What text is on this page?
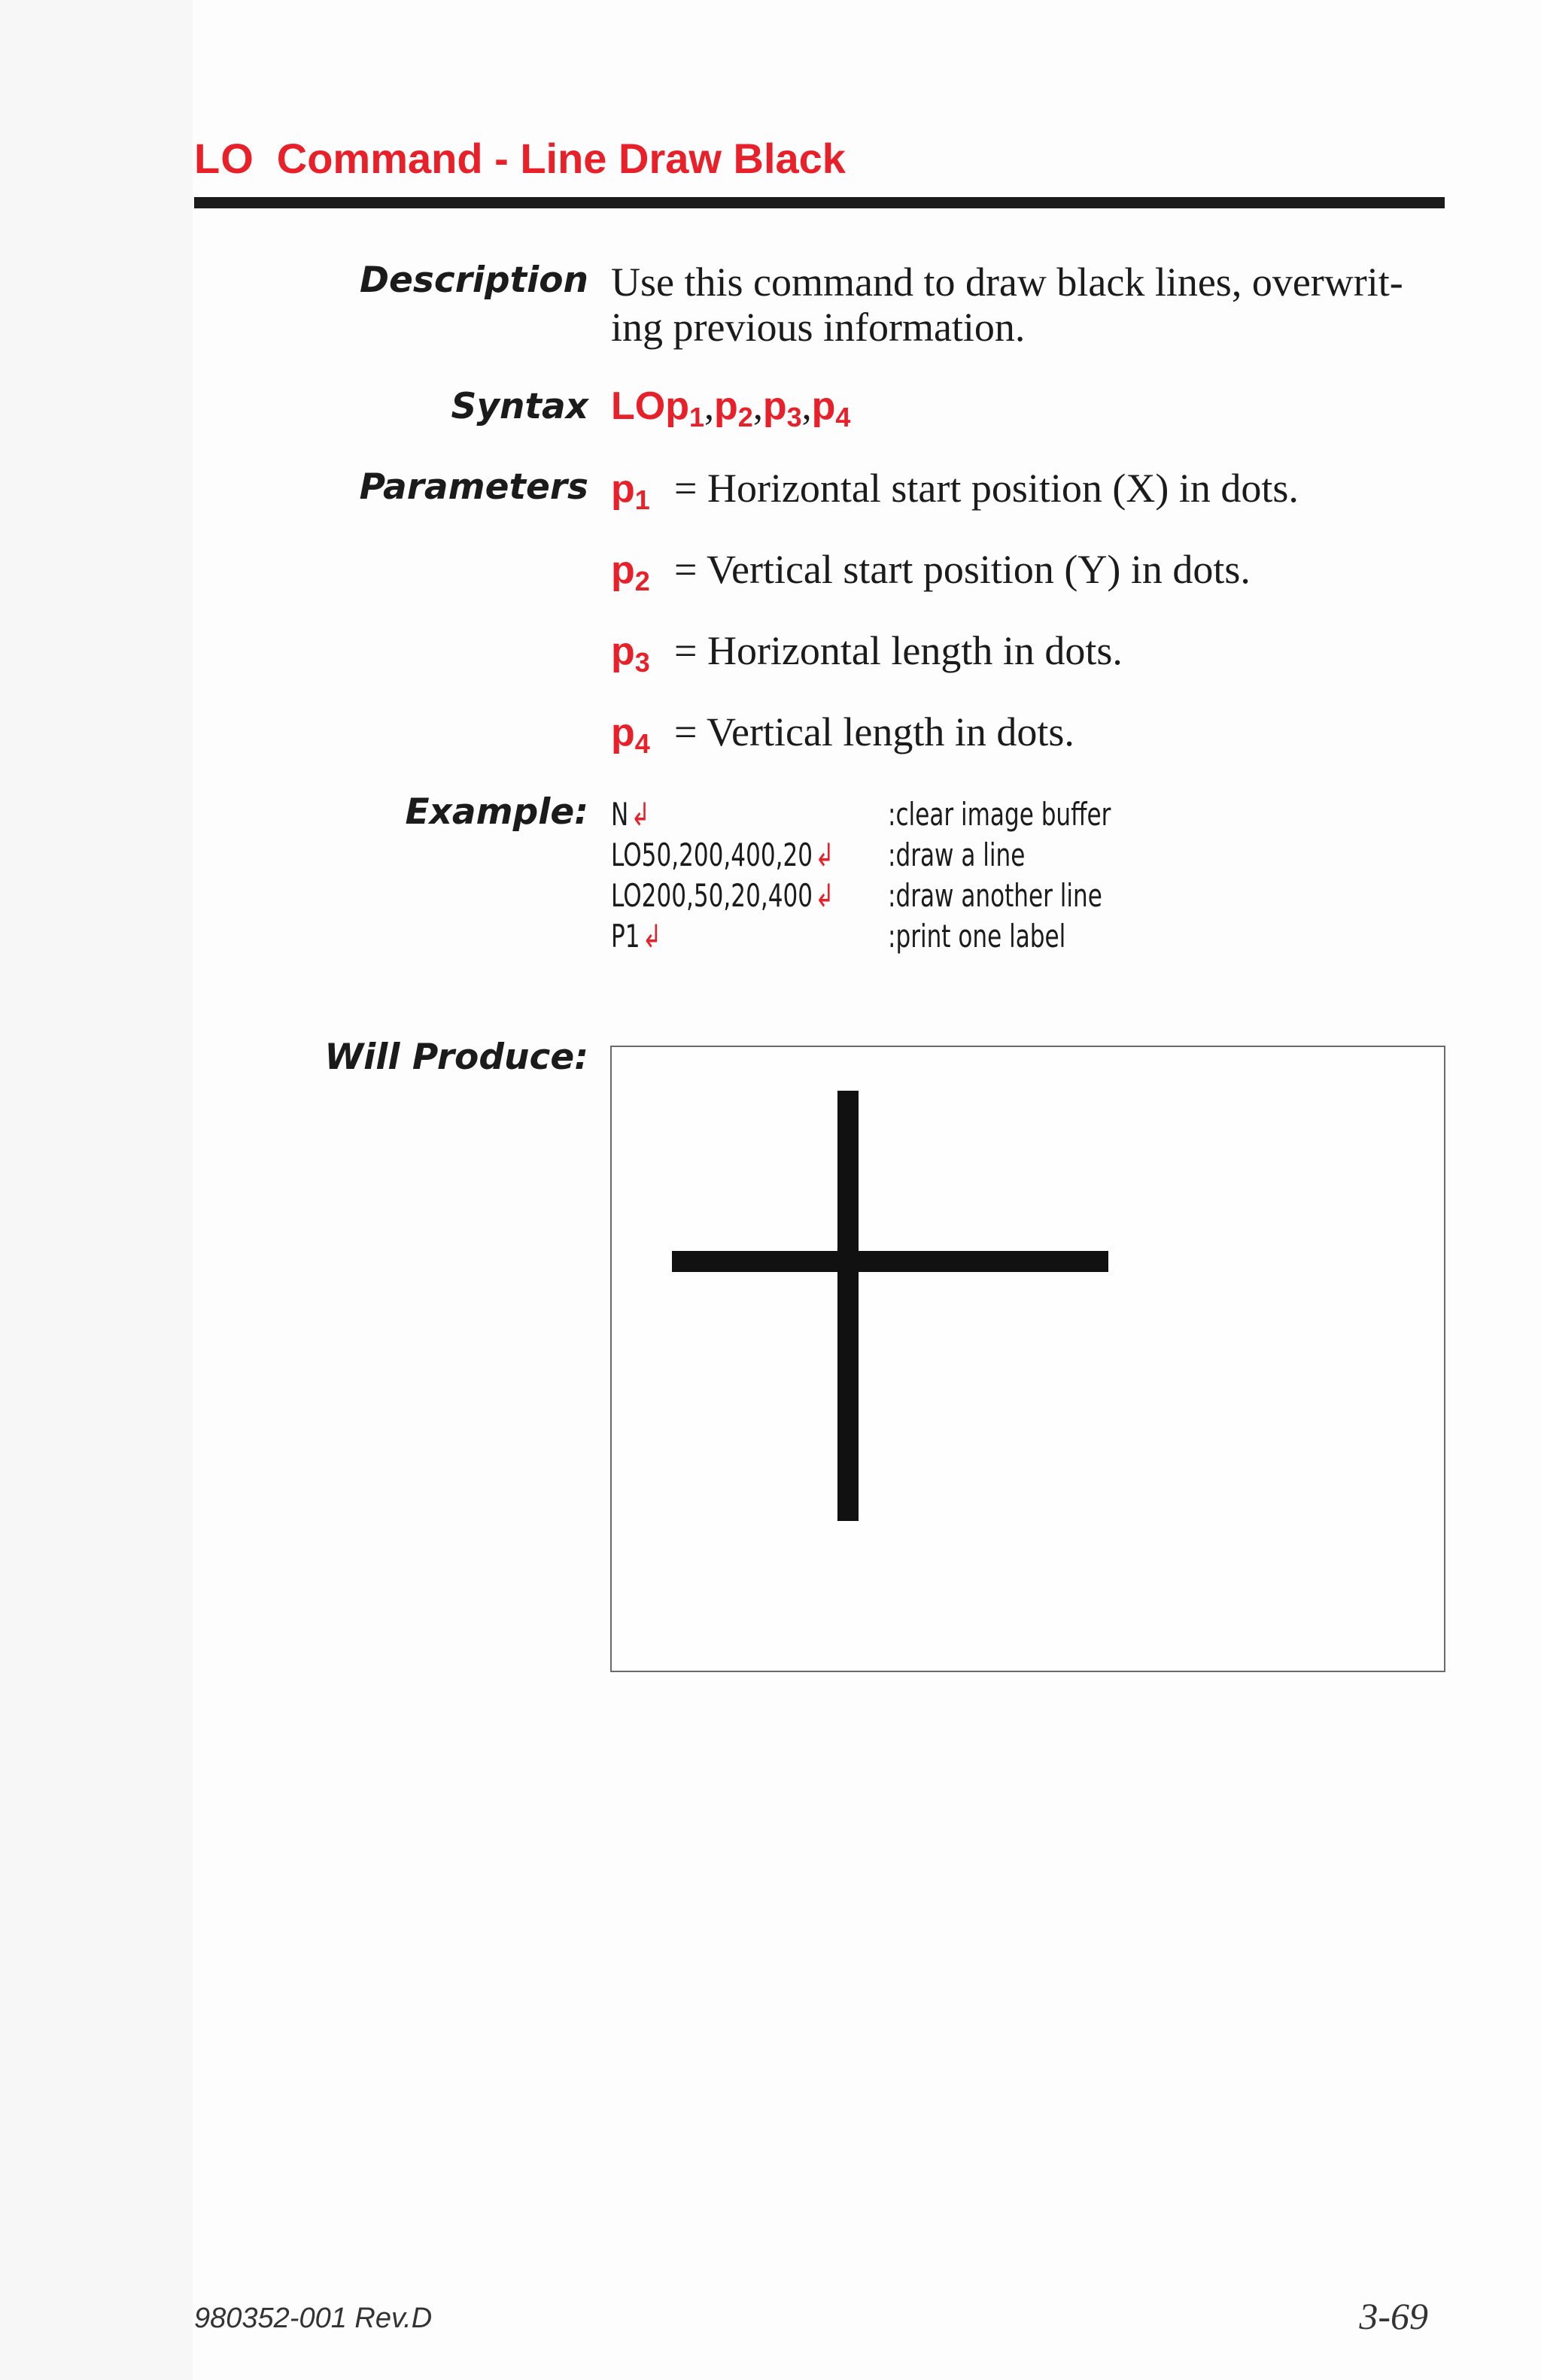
LO Command - Line Draw Black
Description Use this command to draw black lines, overwrit-
ing previous information.
Syntax $LOp_1,p_2,p_3,p_4$
Parameters $p_1$ = Horizontal start position (X) in dots.
$p_2$ = Vertical start position (Y) in dots.
$p_3$ = Horizontal length in dots.
$p_4$ = Vertical length in dots.
Example: N↲	:clear image buffer
LO50,200,400,20↲ :draw a line
LO200,50,20,400↲ :draw another line
P1↲	:print one label
Will Produce:
980352-001 Rev.D	3-69
